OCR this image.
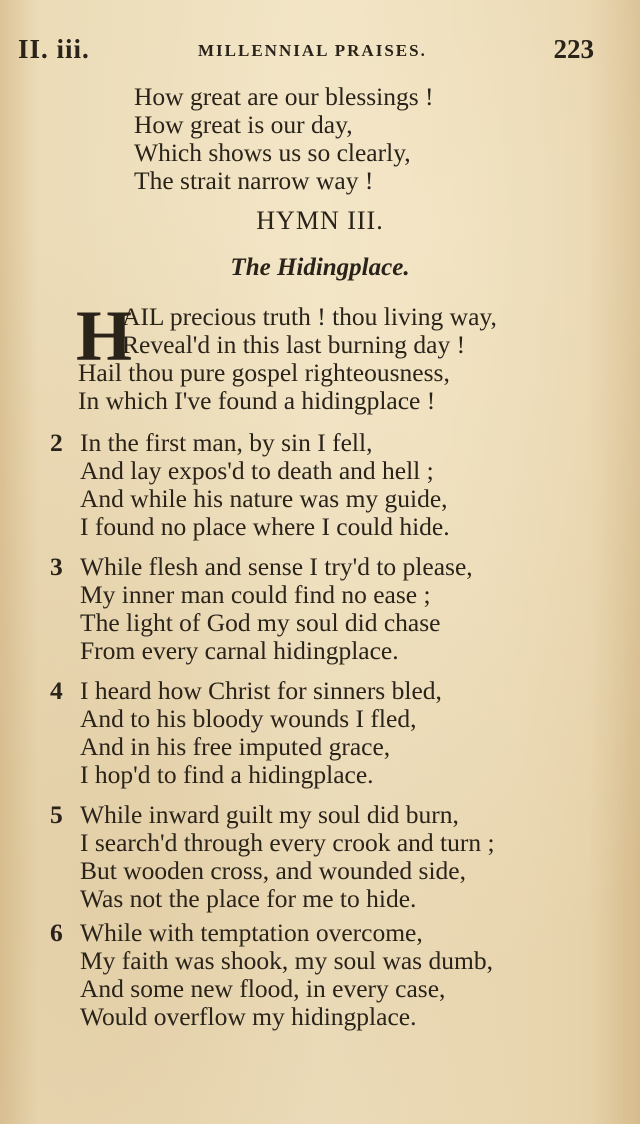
II. iii.	MILLENNIAL PRAISES.	223
How great are our blessings !
How great is our day,
Which shows us so clearly,
The strait narrow way !
HYMN III.
The Hidingplace.
H
AIL precious truth ! thou living way,
Reveal'd in this last burning day !
Hail thou pure gospel righteousness,
In which I've found a hidingplace !
2 In the first man, by sin I fell,
And lay expos'd to death and hell ;
And while his nature was my guide,
I found no place where I could hide.
3 While flesh and sense I try'd to please,
My inner man could find no ease ;
The light of God my soul did chase
From every carnal hidingplace.
4 I heard how Christ for sinners bled,
And to his bloody wounds I fled,
And in his free imputed grace,
I hop'd to find a hidingplace.
5 While inward guilt my soul did burn,
I search'd through every crook and turn ;
But wooden cross, and wounded side,
Was not the place for me to hide.
6 While with temptation overcome,
My faith was shook, my soul was dumb,
And some new flood, in every case,
Would overflow my hidingplace.
